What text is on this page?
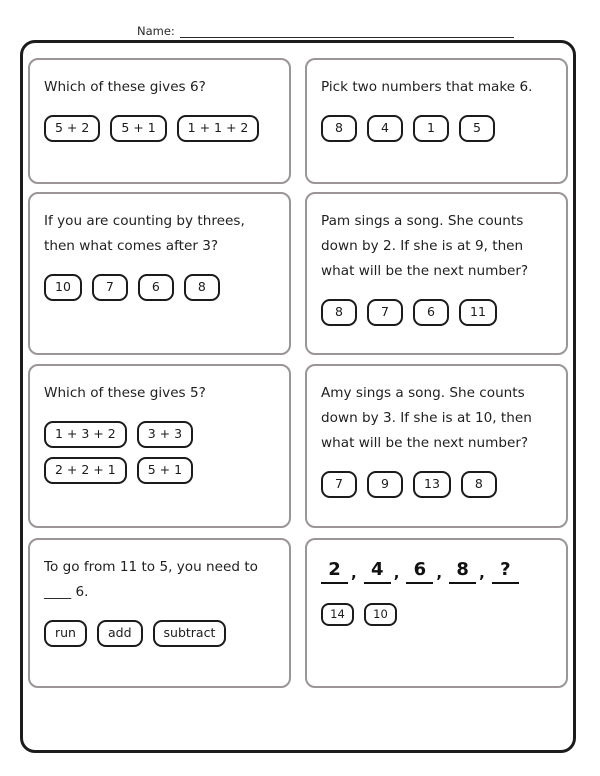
Name:
Which of these gives 6?
5 + 2	5 + 1	1 + 1 + 2
Pick two numbers that make 6.
8	4	1	5
If you are counting by threes, then what comes after 3?
10	7	6	8
Pam sings a song. She counts down by 2. If she is at 9, then what will be the next number?
8	7	6	11
Which of these gives 5?
1 + 3 + 2	3 + 3
2 + 2 + 1	5 + 1
Amy sings a song. She counts down by 3. If she is at 10, then what will be the next number?
7	9	13	8
To go from 11 to 5, you need to ____ 6.
run	add	subtract
2 , 4 , 6 , 8 , ?
14	10
